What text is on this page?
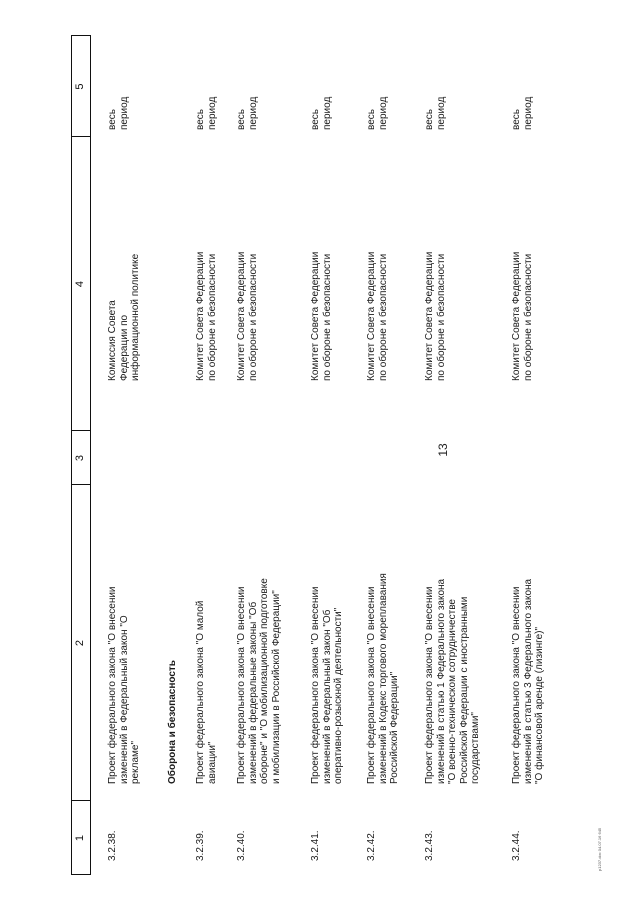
13
1
2
3
4
5
3.2.38.
Проект федерального закона "О внесении изменений в Федеральный закон "О рекламе"
Комиссия Совета Федерации по информационной политике
весь период
Оборона и безопасность
3.2.39.
Проект федерального закона "О малой авиации"
Комитет Совета Федерации по обороне и безопасности
весь период
3.2.40.
Проект федерального закона "О внесении изменений в федеральные законы "Об обороне" и "О мобилизационной подготовке и мобилизации в Российской Федерации"
Комитет Совета Федерации по обороне и безопасности
весь период
3.2.41.
Проект федерального закона "О внесении изменений в Федеральный закон "Об оперативно-розыскной деятельности"
Комитет Совета Федерации по обороне и безопасности
весь период
3.2.42.
Проект федерального закона "О внесении изменений в Кодекс торгового мореплавания Российской Федерации"
Комитет Совета Федерации по обороне и безопасности
весь период
3.2.43.
Проект федерального закона "О внесении изменений в статью 1 Федерального закона "О военно-техническом сотрудничестве Российской Федерации с иностранными государствами"
Комитет Совета Федерации по обороне и безопасности
весь период
3.2.44.
Проект федерального закона "О внесении изменений в статью 3 Федерального закона "О финансовой аренде (лизинге)"
Комитет Совета Федерации по обороне и безопасности
весь период
р1237.doc 04.07.16 645
